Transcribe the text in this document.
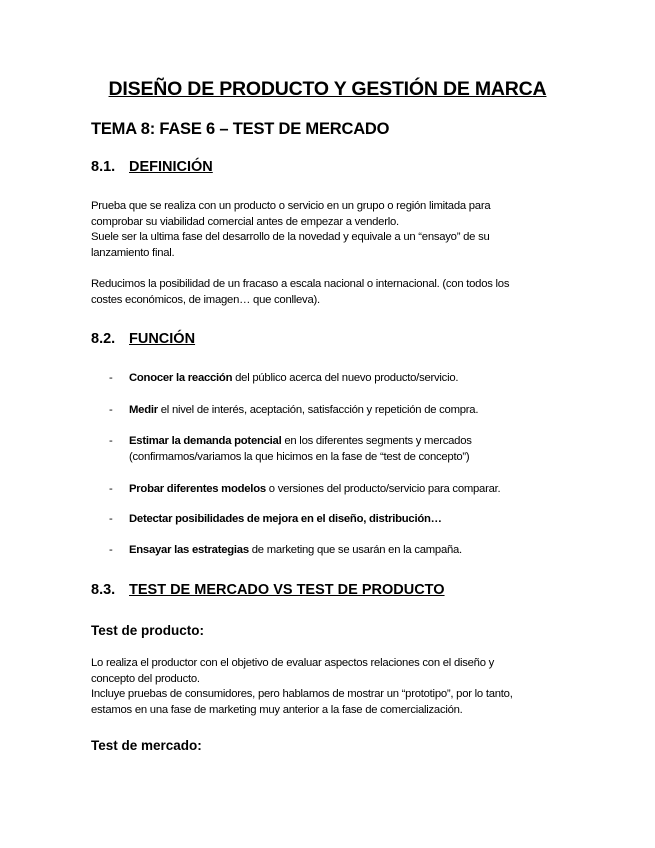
DISEÑO DE PRODUCTO Y GESTIÓN DE MARCA
TEMA 8: FASE 6 – TEST DE MERCADO
8.1. DEFINICIÓN

Prueba que se realiza con un producto o servicio en un grupo o región limitada para

comprobar su viabilidad comercial antes de empezar a venderlo.

Suele ser la ultima fase del desarrollo de la novedad y equivale a un “ensayo” de su

lanzamiento final.

Reducimos la posibilidad de un fracaso a escala nacional o internacional. (con todos los

costes económicos, de imagen… que conlleva).

8.2. FUNCIÓN
- Conocer la reacción del público acerca del nuevo producto/servicio.
- Medir el nivel de interés, aceptación, satisfacción y repetición de compra.
- Estimar la demanda potencial en los diferentes segments y mercados
(confirmamos/variamos la que hicimos en la fase de “test de concepto”)
- Probar diferentes modelos o versiones del producto/servicio para comparar.
- Detectar posibilidades de mejora en el diseño, distribución…
- Ensayar las estrategias de marketing que se usarán en la campaña.
8.3. TEST DE MERCADO VS TEST DE PRODUCTO
Test de producto:

Lo realiza el productor con el objetivo de evaluar aspectos relaciones con el diseño y

concepto del producto.

Incluye pruebas de consumidores, pero hablamos de mostrar un “prototipo”, por lo tanto,

estamos en una fase de marketing muy anterior a la fase de comercialización.

Test de mercado:
